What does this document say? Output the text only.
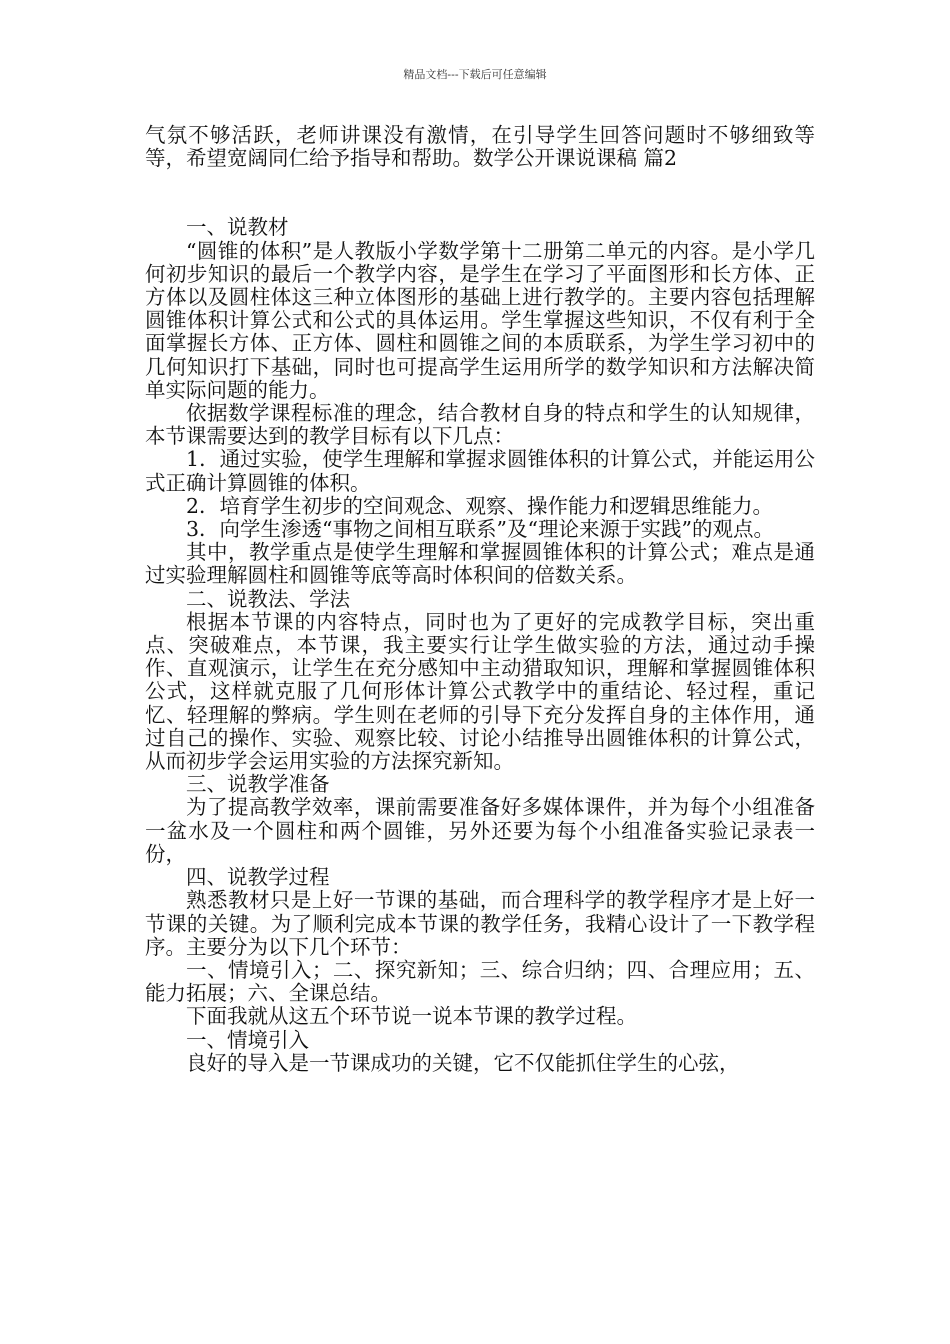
精品文档---下载后可任意编辑

气氛不够活跃，老师讲课没有激情，在引导学生回答问题时不够细致等等，希望宽阔同仁给予指导和帮助。数学公开课说课稿 篇2

一、说教材

“圆锥的体积”是人教版小学数学第十二册第二单元的内容。是小学几何初步知识的最后一个教学内容，是学生在学习了平面图形和长方体、正方体以及圆柱体这三种立体图形的基础上进行教学的。主要内容包括理解圆锥体积计算公式和公式的具体运用。学生掌握这些知识，不仅有利于全面掌握长方体、正方体、圆柱和圆锥之间的本质联系，为学生学习初中的几何知识打下基础，同时也可提高学生运用所学的数学知识和方法解决简单实际问题的能力。

依据数学课程标准的理念，结合教材自身的特点和学生的认知规律，本节课需要达到的教学目标有以下几点：

1．通过实验，使学生理解和掌握求圆锥体积的计算公式，并能运用公式正确计算圆锥的体积。

2．培育学生初步的空间观念、观察、操作能力和逻辑思维能力。

3．向学生渗透“事物之间相互联系”及“理论来源于实践”的观点。

其中，教学重点是使学生理解和掌握圆锥体积的计算公式；难点是通过实验理解圆柱和圆锥等底等高时体积间的倍数关系。

二、说教法、学法

根据本节课的内容特点，同时也为了更好的完成教学目标，突出重点、突破难点，本节课，我主要实行让学生做实验的方法，通过动手操作、直观演示，让学生在充分感知中主动猎取知识，理解和掌握圆锥体积公式，这样就克服了几何形体计算公式教学中的重结论、轻过程，重记忆、轻理解的弊病。学生则在老师的引导下充分发挥自身的主体作用，通过自己的操作、实验、观察比较、讨论小结推导出圆锥体积的计算公式，从而初步学会运用实验的方法探究新知。

三、说教学准备

为了提高教学效率，课前需要准备好多媒体课件，并为每个小组准备一盆水及一个圆柱和两个圆锥，另外还要为每个小组准备实验记录表一份，

四、说教学过程

熟悉教材只是上好一节课的基础，而合理科学的教学程序才是上好一节课的关键。为了顺利完成本节课的教学任务，我精心设计了一下教学程序。主要分为以下几个环节：

一、情境引入；二、探究新知；三、综合归纳；四、合理应用；五、能力拓展；六、全课总结。

下面我就从这五个环节说一说本节课的教学过程。

一、情境引入

良好的导入是一节课成功的关键，它不仅能抓住学生的心弦，
